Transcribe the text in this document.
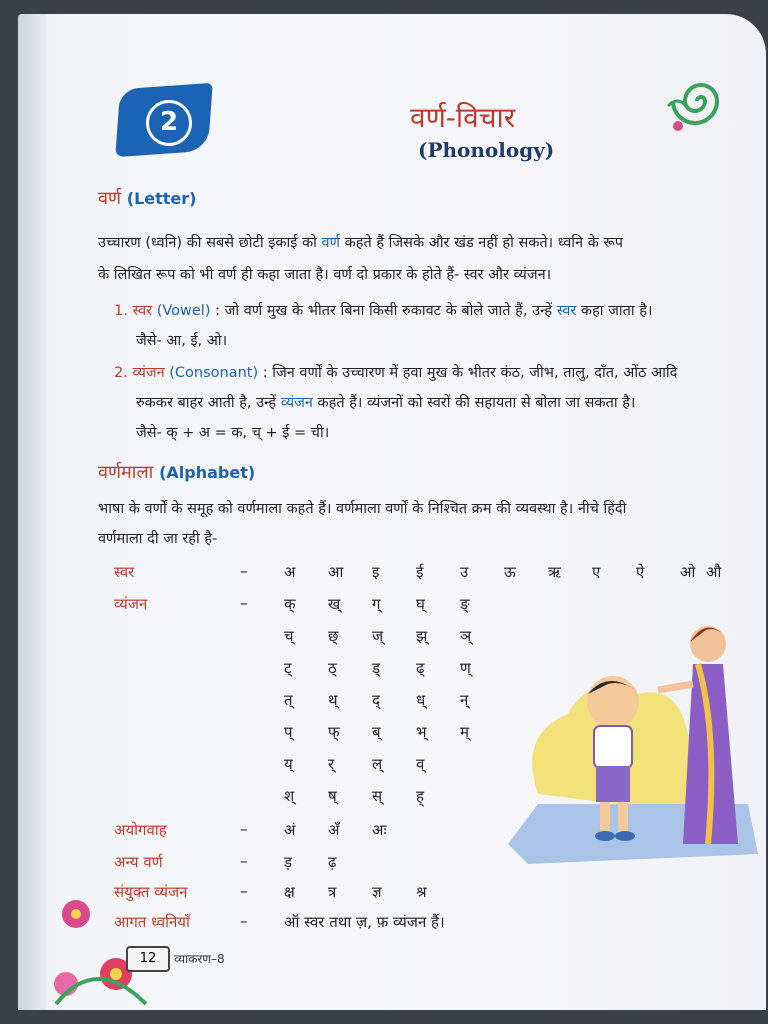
2	वर्ण-विचार
(Phonology)
वर्ण (Letter)
उच्चारण (ध्वनि) की सबसे छोटी इकाई को वर्ण कहते हैं जिसके और खंड नहीं हो सकते। ध्वनि के रूप
के लिखित रूप को भी वर्ण ही कहा जाता है। वर्ण दो प्रकार के होते हैं- स्वर और व्यंजन।
1. स्वर (Vowel) : जो वर्ण मुख के भीतर बिना किसी रुकावट के बोले जाते हैं, उन्हें स्वर कहा जाता है।
जैसे- आ, ई, ओ।
2. व्यंजन (Consonant) : जिन वर्णों के उच्चारण में हवा मुख के भीतर कंठ, जीभ, तालु, दाँत, ओंठ आदि
रुककर बाहर आती है, उन्हें व्यंजन कहते हैं। व्यंजनों को स्वरों की सहायता से बोला जा सकता है।
जैसे- क् + अ = क, च् + ई = ची।
वर्णमाला (Alphabet)
भाषा के वर्णों के समूह को वर्णमाला कहते हैं। वर्णमाला वर्णों के निश्चित क्रम की व्यवस्था है। नीचे हिंदी
वर्णमाला दी जा रही है-
स्वर	– अ आ इ ई उ ऊ ऋ ए ऐ ओ औ
व्यंजन	– क् ख् ग् घ् ङ्
च् छ् ज् झ् ञ्
ट् ठ् ड् ढ् ण्
त् थ् द् ध् न्
प् फ् ब् भ् म्
य् र्	ल् व्
श् ष् स् ह्
अयोगवाह	– अं अँ अः
अन्य वर्ण	– ड़ ढ़
संयुक्त व्यंजन	– क्ष त्र ज्ञ श्र
आगत ध्वनियाँ	– ऑ स्वर तथा ज़, फ़ व्यंजन हैं।
12	व्याकरण–8
